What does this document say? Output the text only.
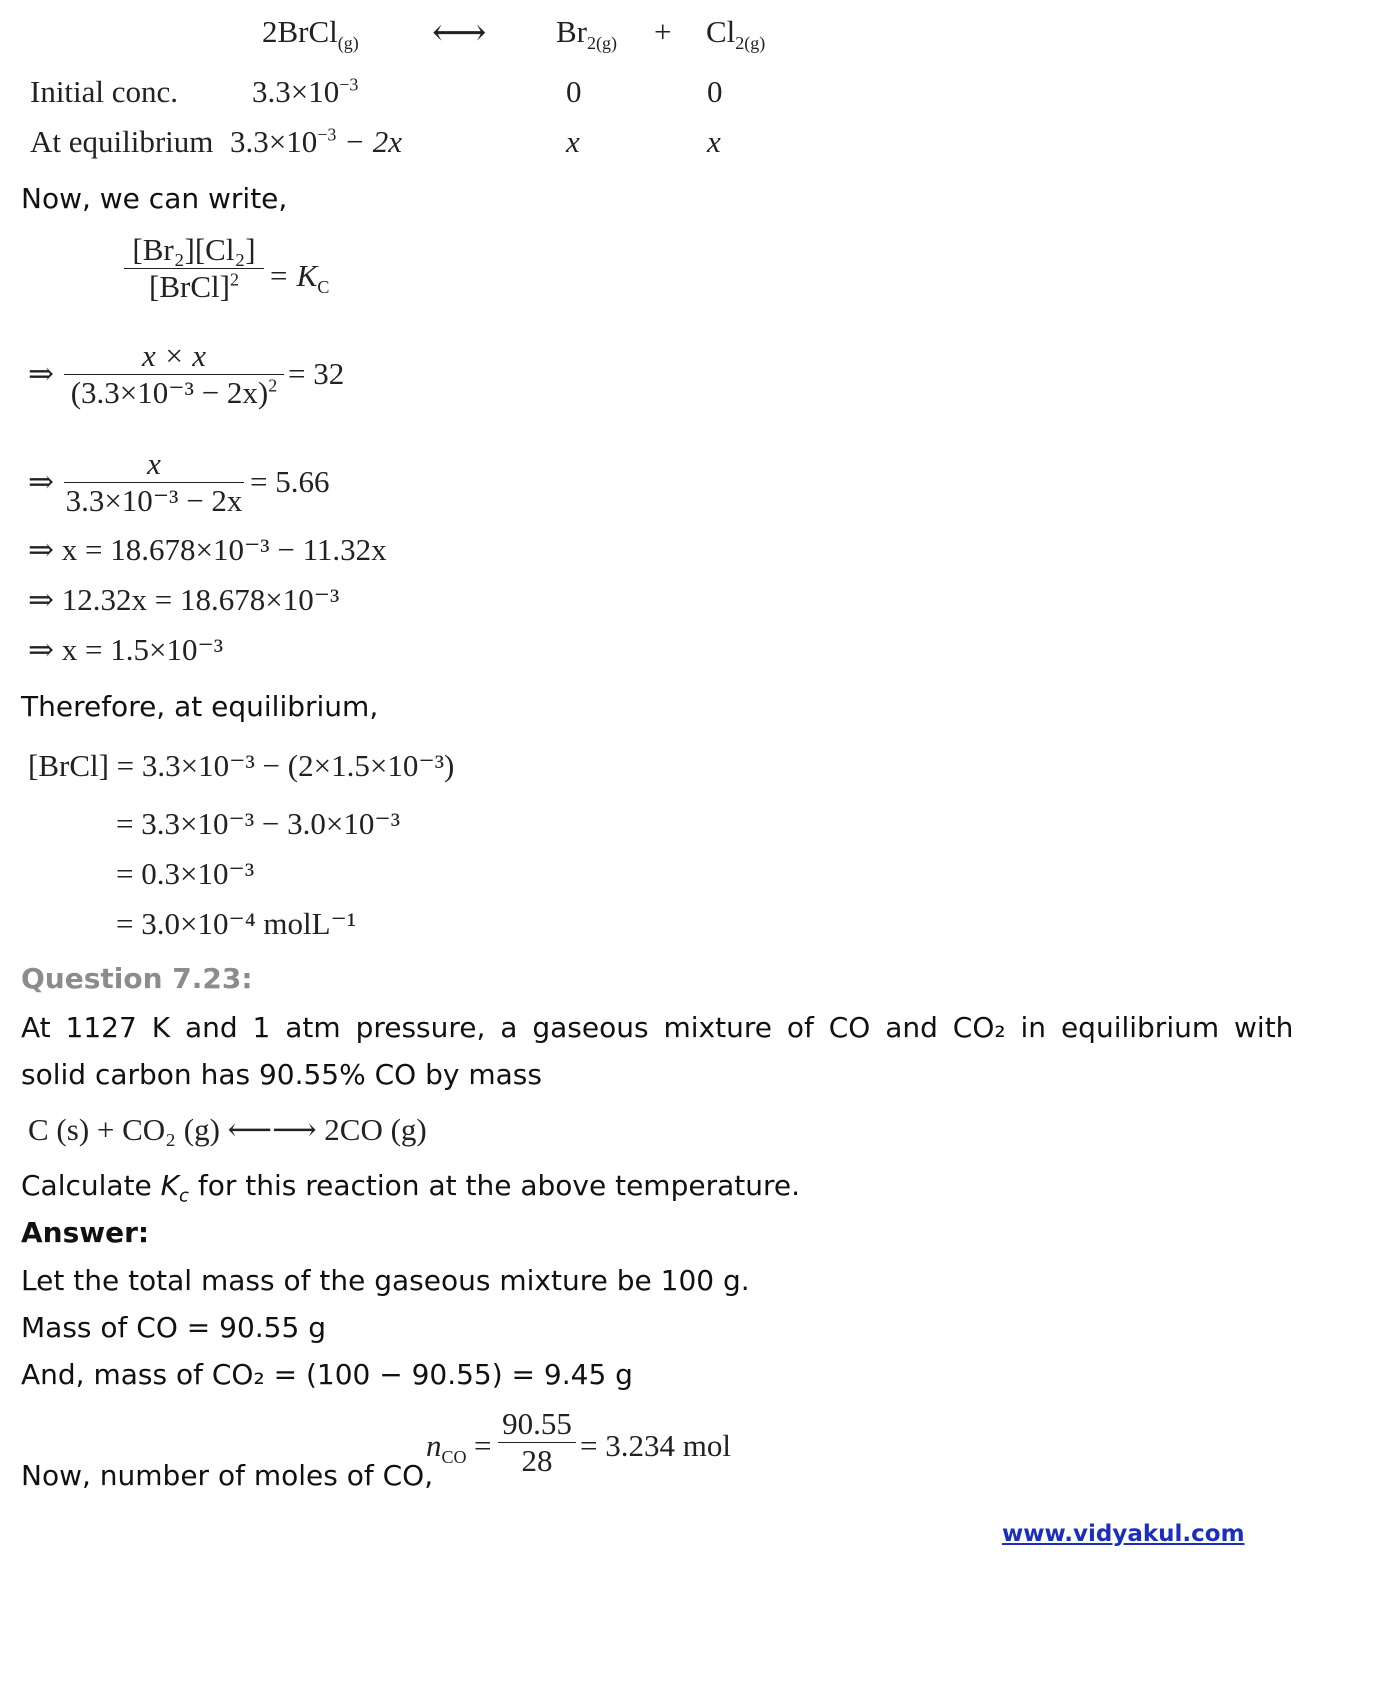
2BrCl$_{(g)}$ ⟷ $Br_{2(g)} + Cl_{2(g)}$
Initial conc. $3.3\times 10^{-3}$	0	0
At equilibrium $3.3\times 10^{-3} - 2x$	x	x
Now, we can write,
[Br₂][Cl₂]
[BrCl]$^2$ = $K_C$
⇒
x × x
$(3.3\times 10^{-3} - 2x)^2 = 32$
⇒
x
3.3×10⁻³ − 2x
= 5.66
⇒ x = 18.678×10⁻³ − 11.32x
⇒ 12.32x = 18.678×10⁻³
⇒ x = 1.5×10⁻³
Therefore, at equilibrium,
[BrCl] = 3.3×10⁻³ − (2×1.5×10⁻³)
= 3.3×10⁻³ − 3.0×10⁻³
= 0.3×10⁻³
= 3.0×10⁻⁴ molL⁻¹
Question 7.23:
At 1127 K and 1 atm pressure, a gaseous mixture of CO and CO₂ in equilibrium with
solid carbon has 90.55% CO by mass
C (s) + CO₂ (g) ⟵⟶ 2CO (g)
Calculate $K_c$ for this reaction at the above temperature.
Answer:
Let the total mass of the gaseous mixture be 100 g.
Mass of CO = 90.55 g
And, mass of CO₂ = (100 − 90.55) = 9.45 g
$n_{CO}$ =
90.55
28 = 3.234 mol
Now, number of moles of CO,
www.vidyakul.com
